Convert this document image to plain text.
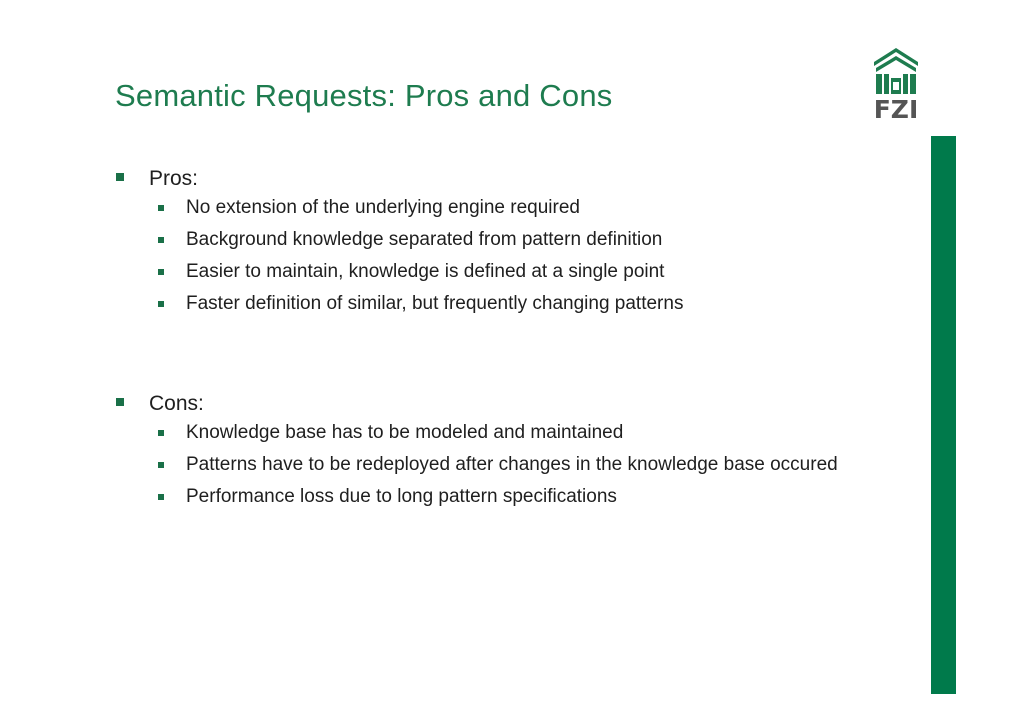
Semantic Requests: Pros and Cons	FZI
Pros:
No extension of the underlying engine required
Background knowledge separated from pattern definition
Easier to maintain, knowledge is defined at a single point
Faster definition of similar, but frequently changing patterns
Cons:
Knowledge base has to be modeled and maintained
Patterns have to be redeployed after changes in the knowledge base occured
Performance loss due to long pattern specifications
